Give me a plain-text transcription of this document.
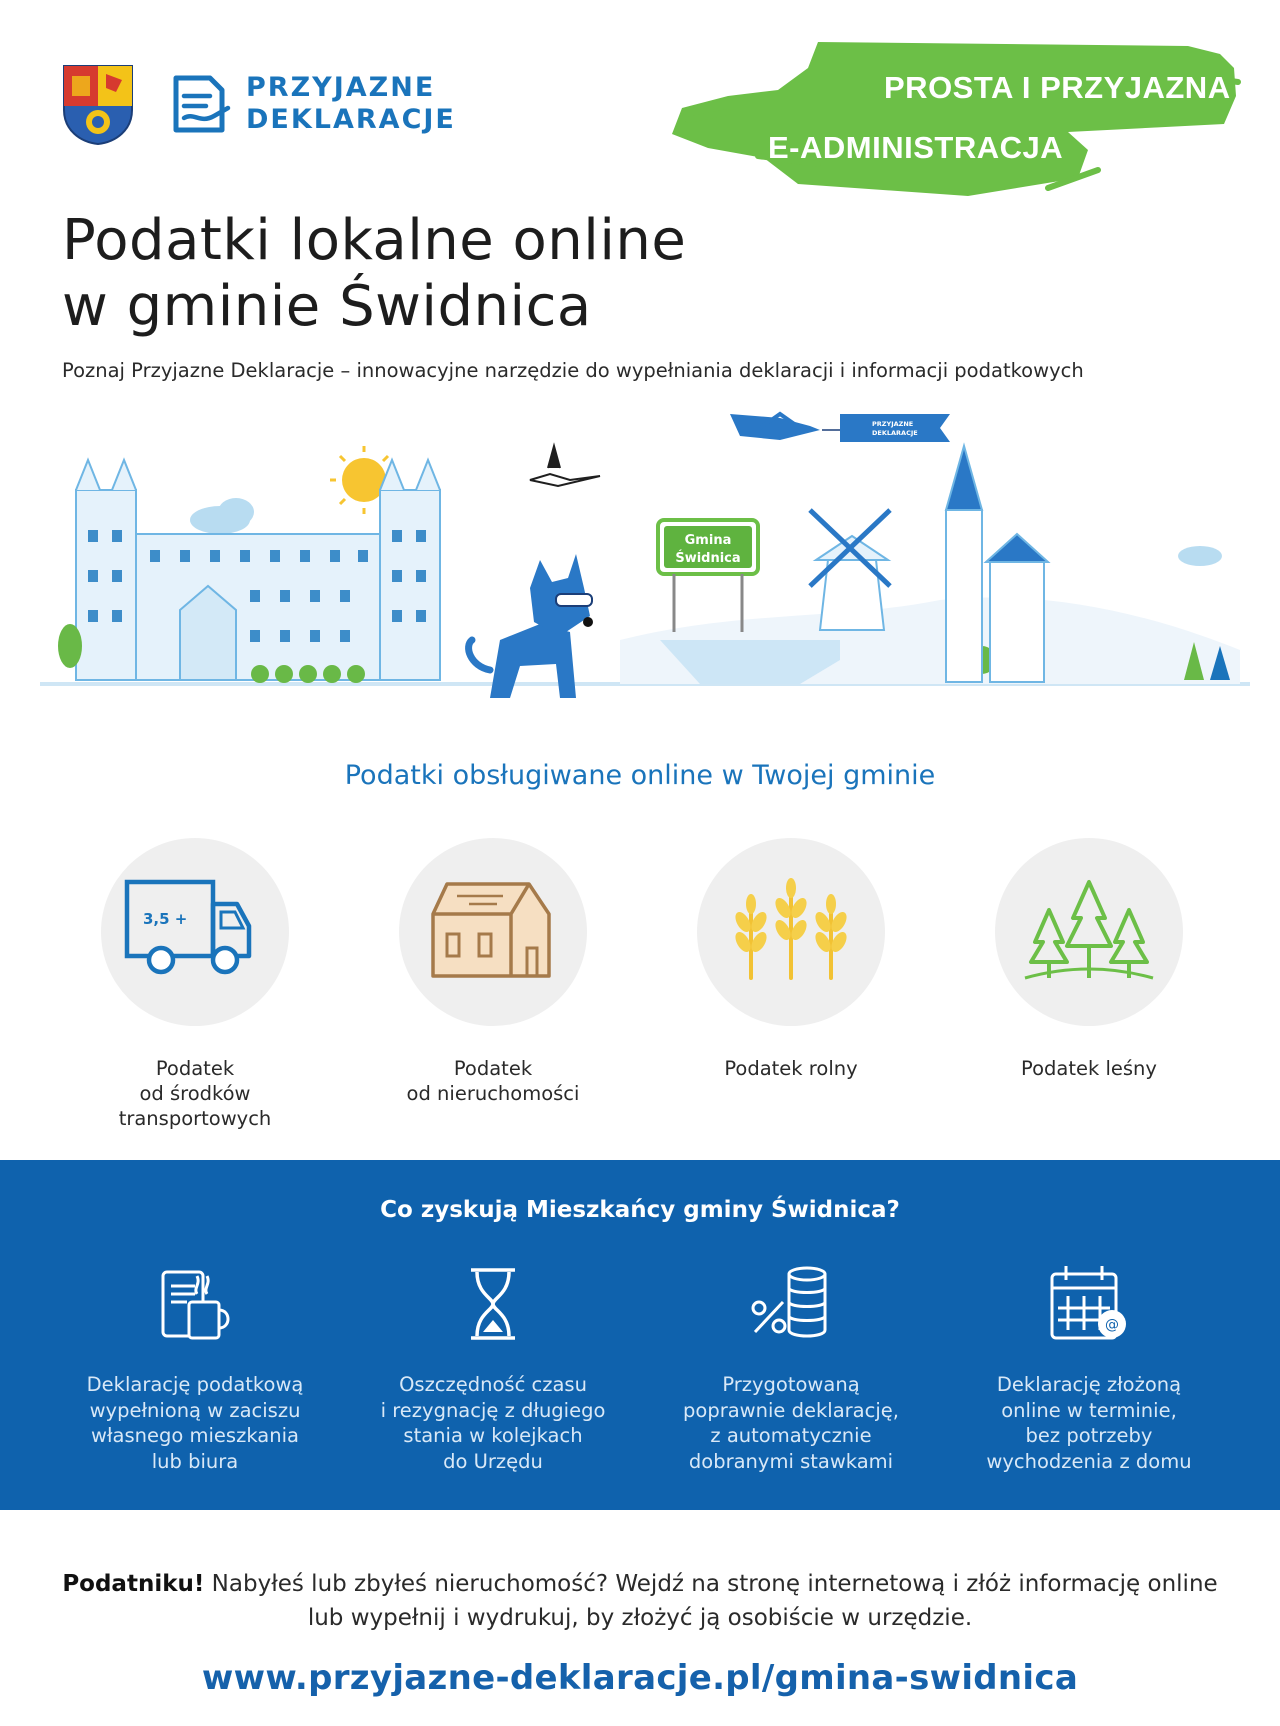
PRZYJAZNE
DEKLARACJE
PROSTA I PRZYJAZNA
E-ADMINISTRACJA
Podatki lokalne online
w gminie Świdnica
Poznaj Przyjazne Deklaracje – innowacyjne narzędzie do wypełniania deklaracji i informacji podatkowych
Gmina
Świdnica
PRZYJAZNE
DEKLARACJE
Podatki obsługiwane online w Twojej gminie
3,5 +
Podatek
od środków
transportowych
Podatek
od nieruchomości
Podatek rolny	Podatek leśny
Co zyskują Mieszkańcy gminy Świdnica?
Deklarację podatkową
wypełnioną w zaciszu
własnego mieszkania
lub biura
Oszczędność czasu
i rezygnację z długiego
stania w kolejkach
do Urzędu
Przygotowaną
poprawnie deklarację,
z automatycznie
dobranymi stawkami
@
Deklarację złożoną
online w terminie,
bez potrzeby
wychodzenia z domu
Podatniku! Nabyłeś lub zbyłeś nieruchomość? Wejdź na stronę internetową i złóż informację online lub wypełnij i wydrukuj, by złożyć ją osobiście w urzędzie.
www.przyjazne-deklaracje.pl/gmina-swidnica
